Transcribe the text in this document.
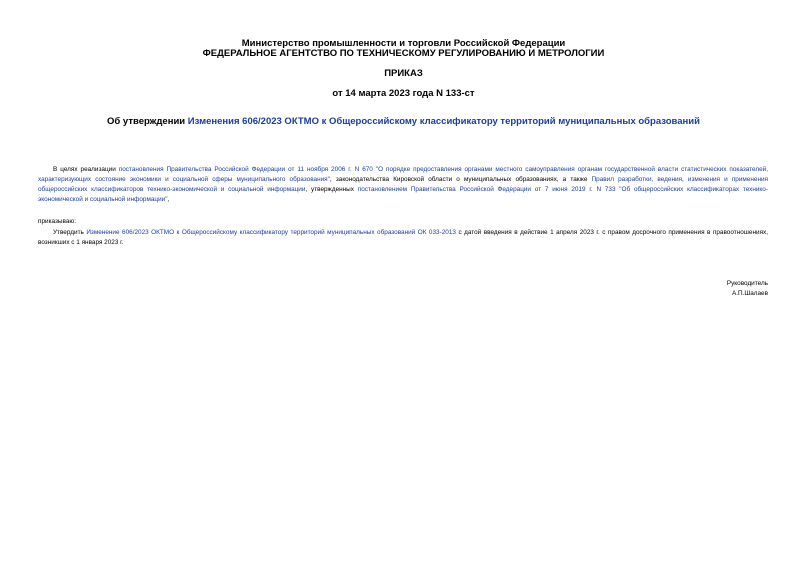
Министерство промышленности и торговли Российской Федерации
ФЕДЕРАЛЬНОЕ АГЕНТСТВО ПО ТЕХНИЧЕСКОМУ РЕГУЛИРОВАНИЮ И МЕТРОЛОГИИ
ПРИКАЗ
от 14 марта 2023 года N 133-ст
Об утверждении Изменения 606/2023 ОКТМО к Общероссийскому классификатору территорий муниципальных образований
В целях реализации постановления Правительства Российской Федерации от 11 ноября 2006 г. N 670 "О порядке предоставления органами местного самоуправления органам государственной власти статистических показателей, характеризующих состояние экономики и социальной сферы муниципального образования", законодательства Кировской области о муниципальных образованиях, а также Правил разработки, ведения, изменения и применения общероссийских классификаторов технико-экономической и социальной информации, утвержденных постановлением Правительства Российской Федерации от 7 июня 2019 г. N 733 "Об общероссийских классификаторах технико-экономической и социальной информации",
приказываю:
Утвердить Изменение 606/2023 ОКТМО к Общероссийскому классификатору территорий муниципальных образований ОК 033-2013 с датой введения в действие 1 апреля 2023 г. с правом досрочного применения в правоотношениях, возникших с 1 января 2023 г.
Руководитель
А.П.Шалаев
